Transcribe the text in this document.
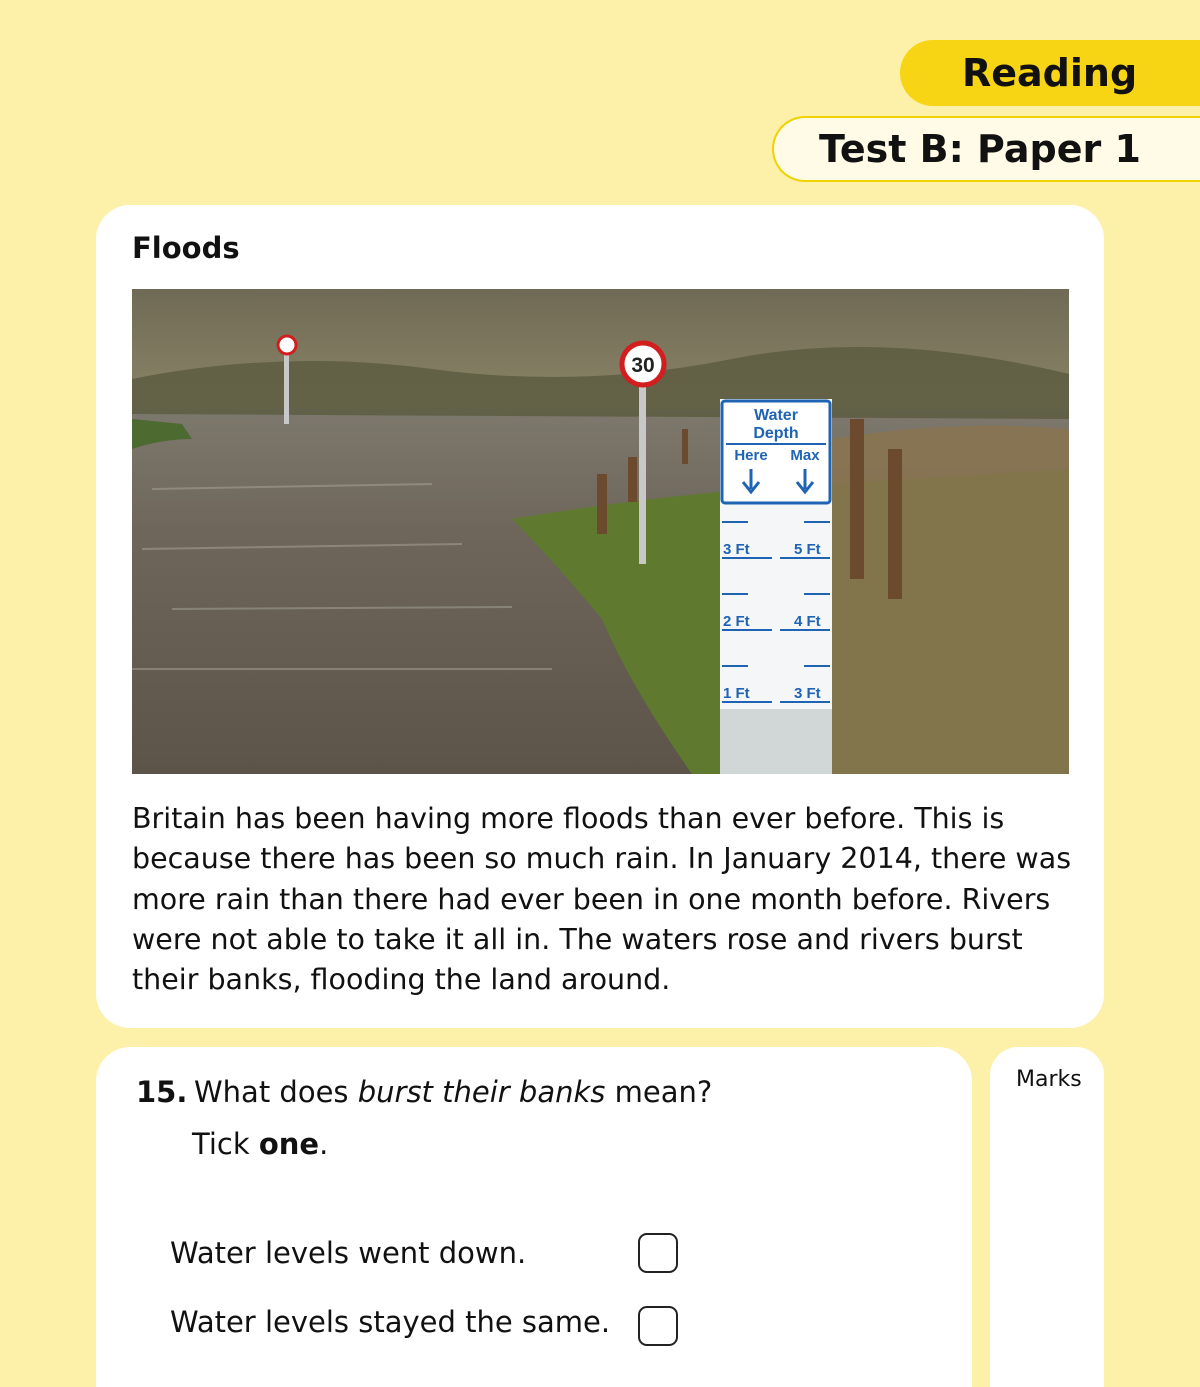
Reading
Test B: Paper 1
Floods
30
Water
Depth
Here Max
3 Ft	5 Ft
2 Ft	4 Ft
1 Ft	3 Ft

Britain has been having more floods than ever before. This is because there has been so much rain. In January 2014, there was more rain than there had ever been in one month before. Rivers were not able to take it all in. The waters rose and rivers burst their banks, flooding the land around.

15. What does burst their banks mean?
Tick one.
Water levels went down.
Water levels stayed the same.
Marks
